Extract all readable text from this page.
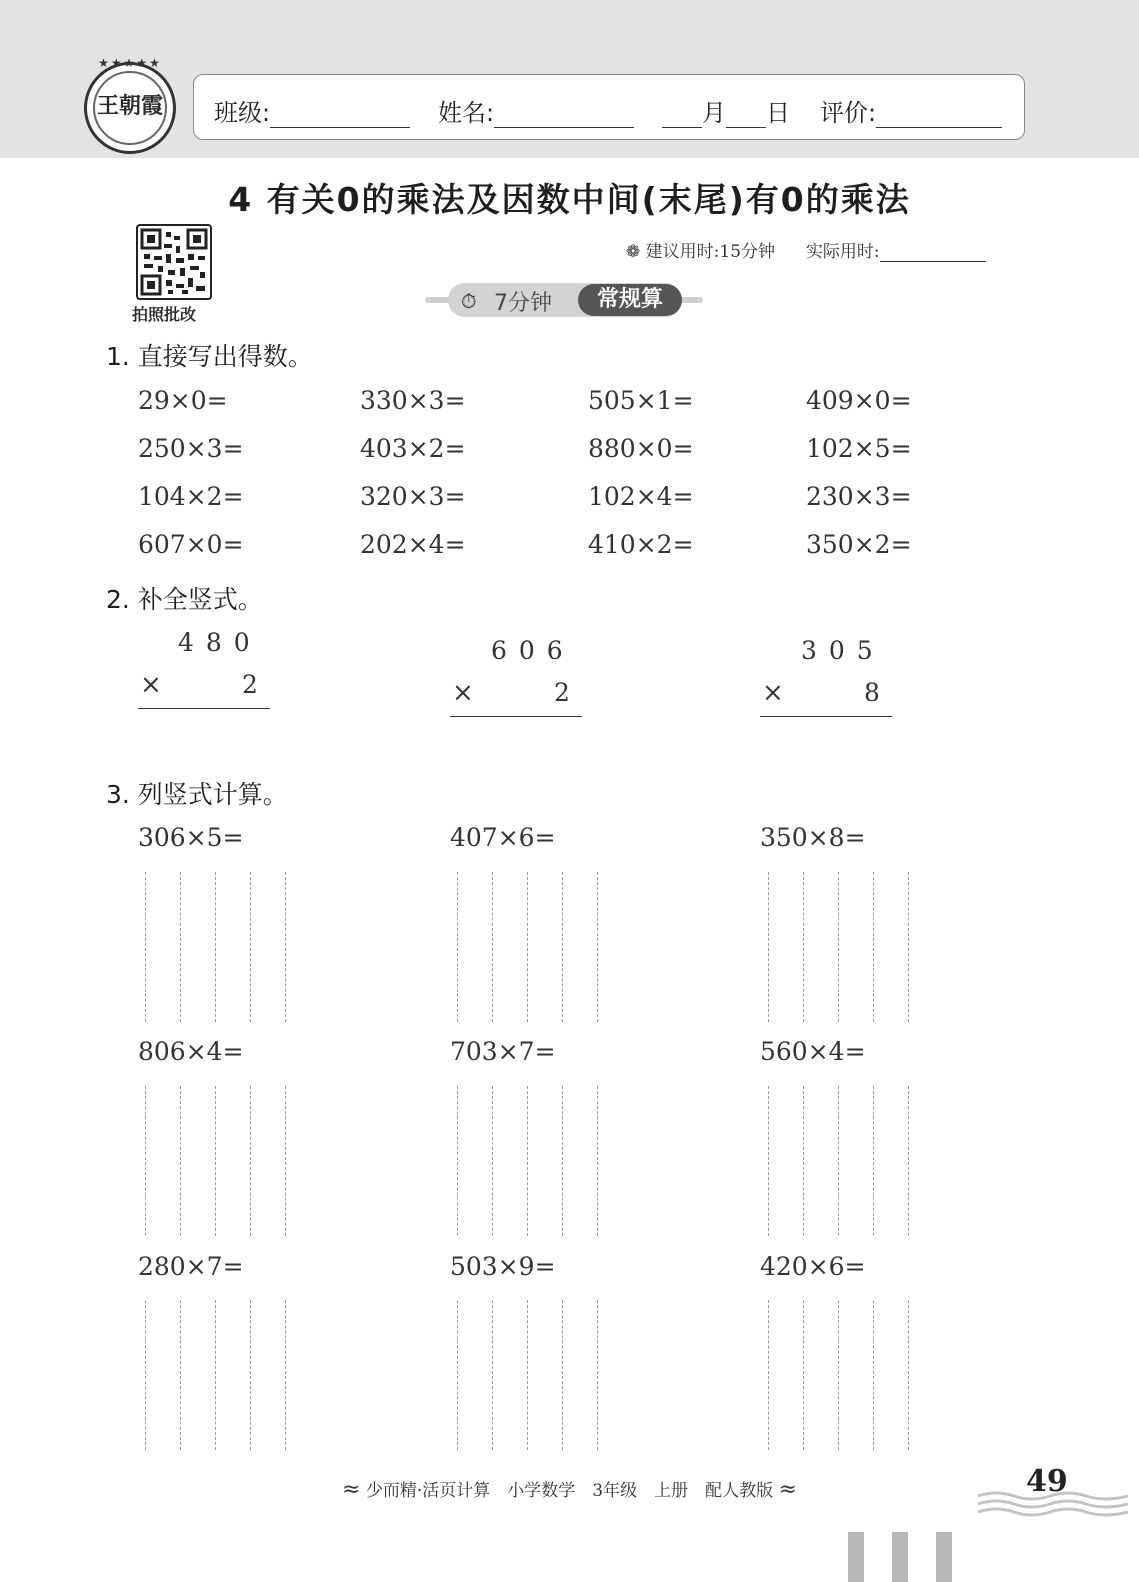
★★★★★
王朝霞	班级:	姓名:	月 日 评价:
4 有关0的乘法及因数中间(末尾)有0的乘法
拍照批改
❁ 建议用时:15分钟 实际用时:
⏱ 7分钟	常规算
1. 直接写出得数。
29×0=	330×3=	505×1=	409×0=
250×3=	403×2=	880×0=	102×5=
104×2=	320×3=	102×4=	230×3=
607×0=	202×4=	410×2=	350×2=
2. 补全竖式。
480
×	2
606
×	2
305
×	8
3. 列竖式计算。
306×5=	407×6=	350×8=
806×4=	703×7=	560×4=
280×7=	503×9=	420×6=
≈ 少而精·活页计算　小学数学　3年级　上册　配人教版 ≈	49
